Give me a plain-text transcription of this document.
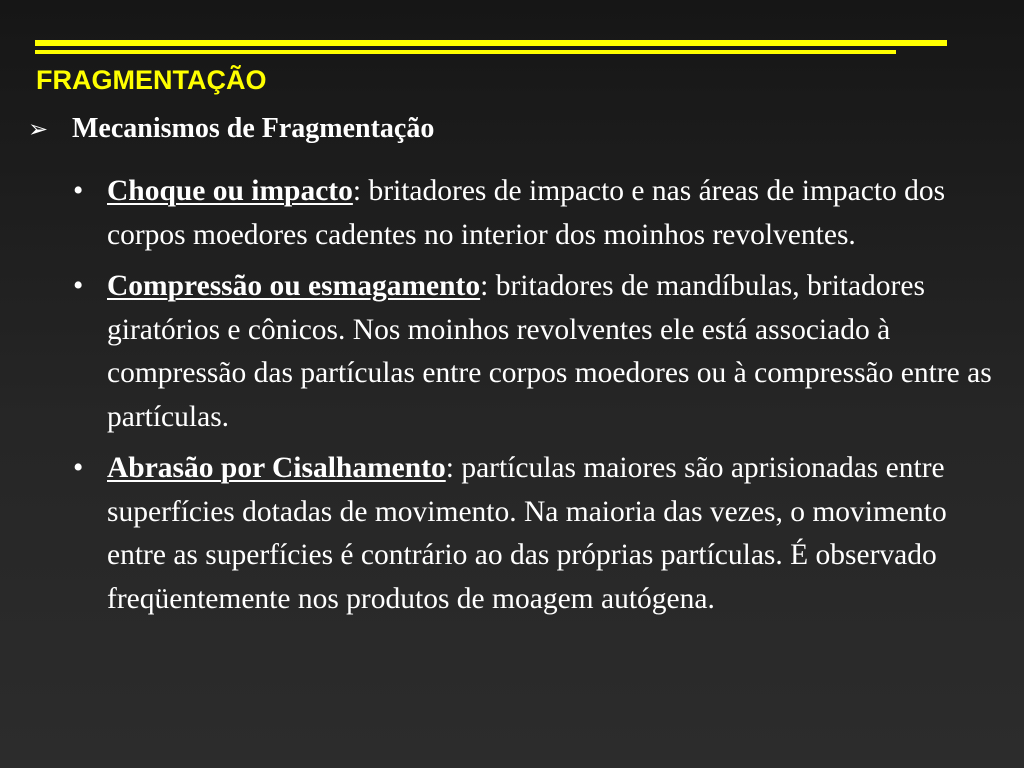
FRAGMENTAÇÃO
➢ Mecanismos de Fragmentação
• Choque ou impacto: britadores de impacto e nas áreas de impacto dos corpos moedores cadentes no interior dos moinhos revolventes.
• Compressão ou esmagamento: britadores de mandíbulas, britadores giratórios e cônicos. Nos moinhos revolventes ele está associado à compressão das partículas entre corpos moedores ou à compressão entre as partículas.
• Abrasão por Cisalhamento: partículas maiores são aprisionadas entre superfícies dotadas de movimento. Na maioria das vezes, o movimento entre as superfícies é contrário ao das próprias partículas. É observado freqüentemente nos produtos de moagem autógena.
